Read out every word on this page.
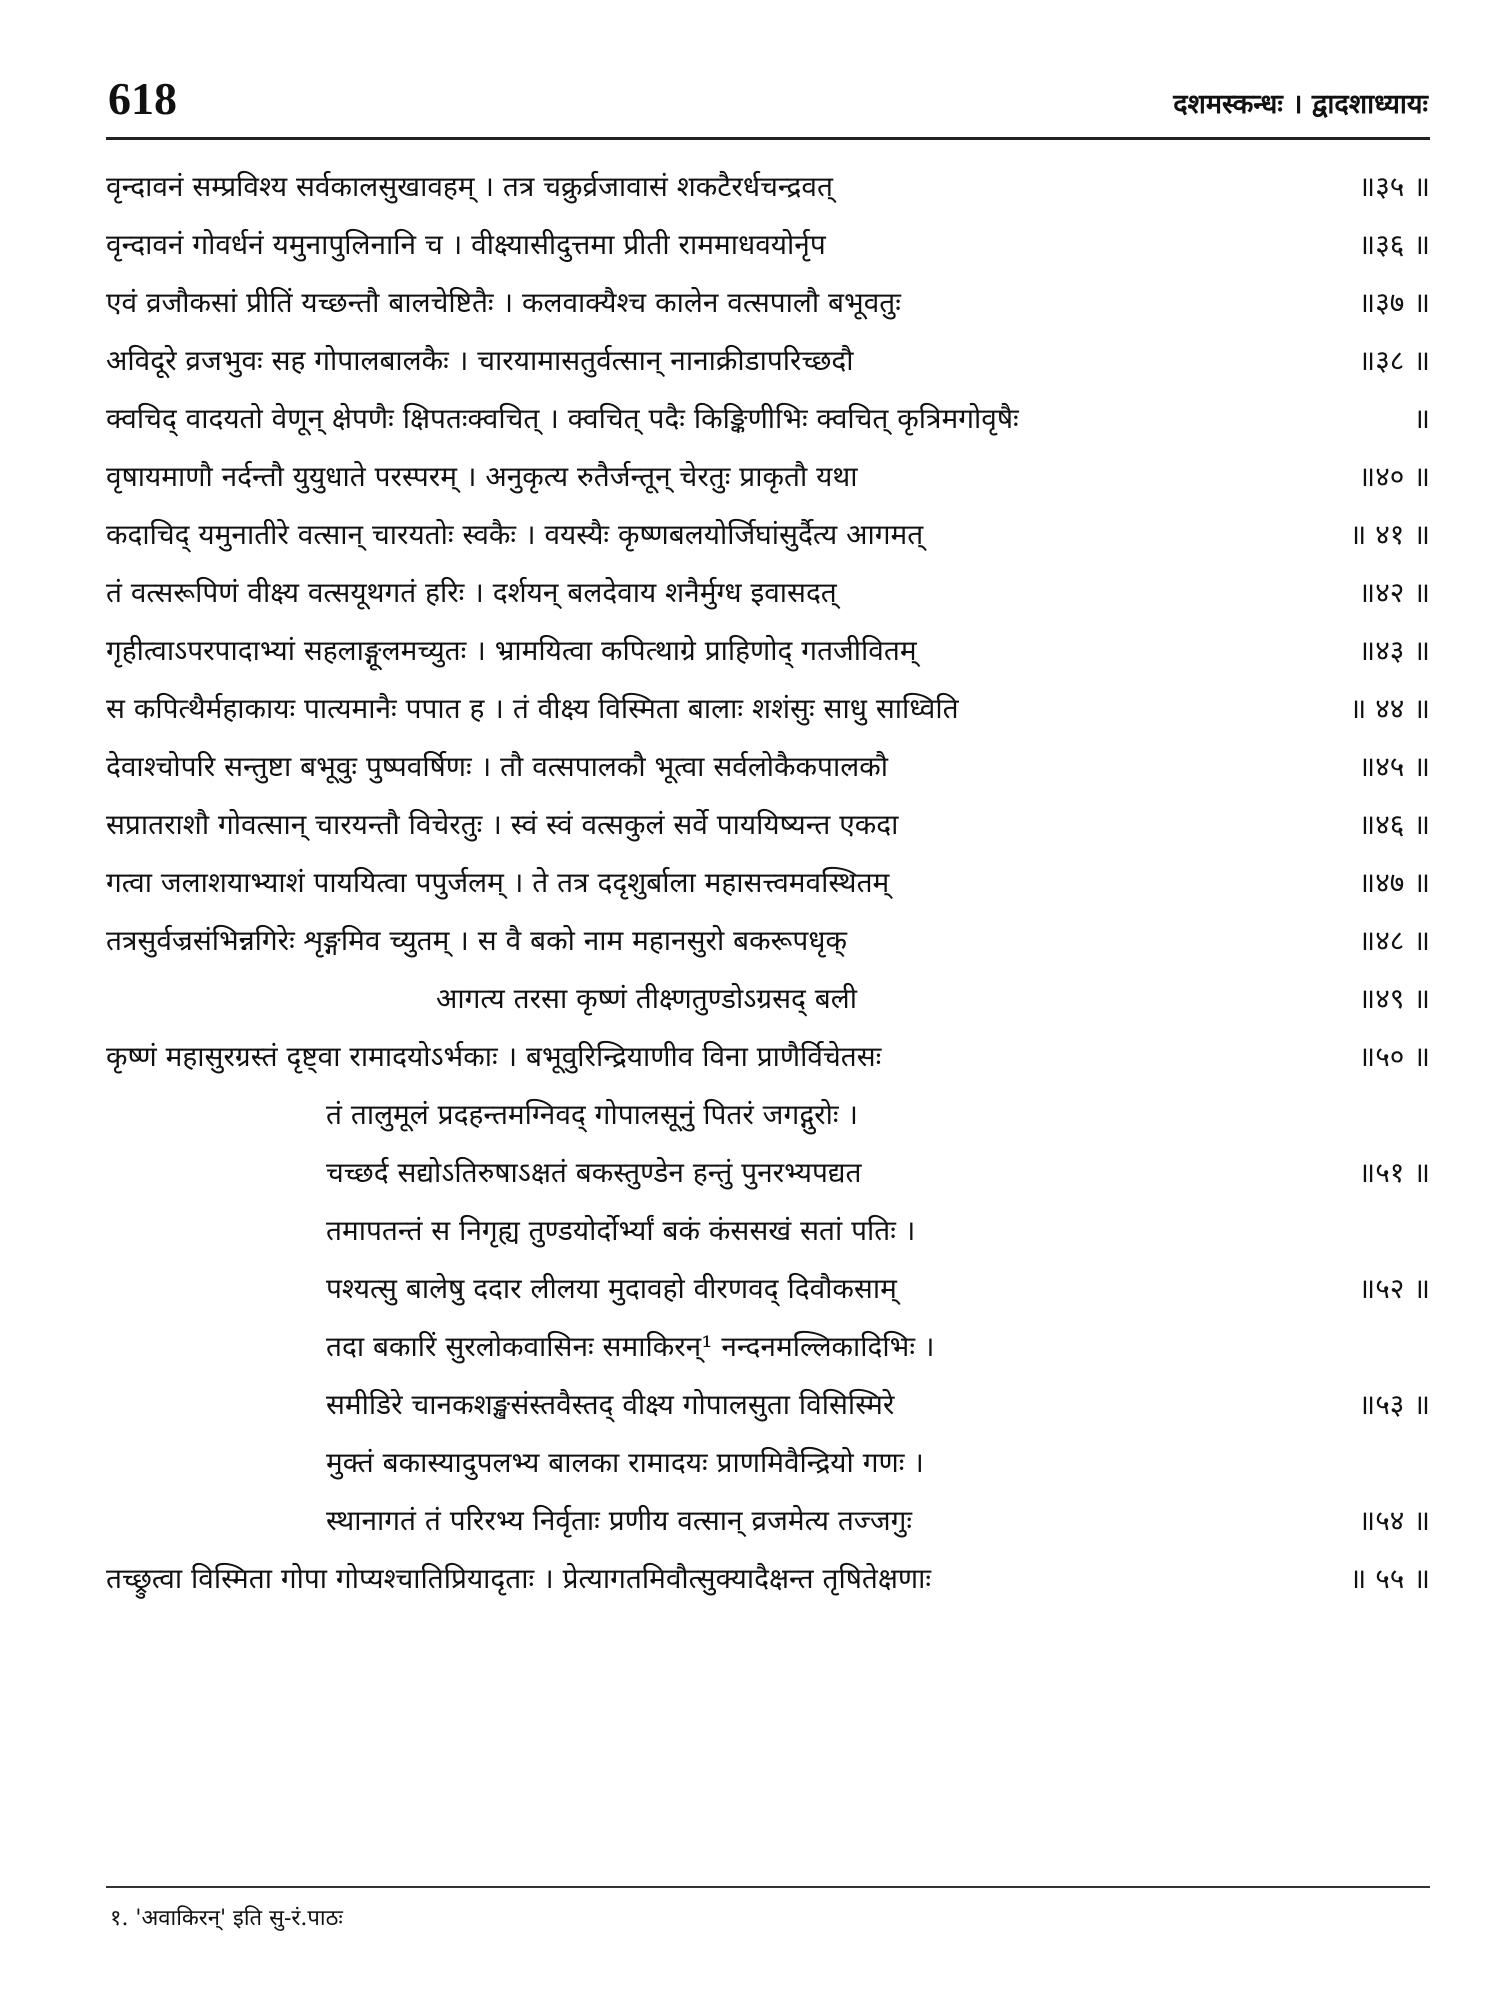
618	दशमस्कन्धः । द्वादशाध्यायः
वृन्दावनं सम्प्रविश्य सर्वकालसुखावहम् । तत्र चक्रुर्व्रजावासं शकटैरर्धचन्द्रवत्	॥३५ ॥
वृन्दावनं गोवर्धनं यमुनापुलिनानि च । वीक्ष्यासीदुत्तमा प्रीती राममाधवयोर्नृप	॥३६ ॥
एवं व्रजौकसां प्रीतिं यच्छन्तौ बालचेष्टितैः । कलवाक्यैश्च कालेन वत्सपालौ बभूवतुः	॥३७ ॥
अविदूरे व्रजभुवः सह गोपालबालकैः । चारयामासतुर्वत्सान् नानाक्रीडापरिच्छदौ	॥३८ ॥
क्वचिद् वादयतो वेणून् क्षेपणैः क्षिपतःक्वचित् । क्वचित् पदैः किङ्किणीभिः क्वचित् कृत्रिमगोवृषैः	॥
वृषायमाणौ नर्दन्तौ युयुधाते परस्परम् । अनुकृत्य रुतैर्जन्तून् चेरतुः प्राकृतौ यथा	॥४० ॥
कदाचिद् यमुनातीरे वत्सान् चारयतोः स्वकैः । वयस्यैः कृष्णबलयोर्जिघांसुर्दैत्य आगमत्	॥ ४१ ॥
तं वत्सरूपिणं वीक्ष्य वत्सयूथगतं हरिः । दर्शयन् बलदेवाय शनैर्मुग्ध इवासदत्	॥४२ ॥
गृहीत्वाऽपरपादाभ्यां सहलाङ्गूलमच्युतः । भ्रामयित्वा कपित्थाग्रे प्राहिणोद् गतजीवितम्	॥४३ ॥
स कपित्थैर्महाकायः पात्यमानैः पपात ह । तं वीक्ष्य विस्मिता बालाः शशंसुः साधु साध्विति	॥ ४४ ॥
देवाश्चोपरि सन्तुष्टा बभूवुः पुष्पवर्षिणः । तौ वत्सपालकौ भूत्वा सर्वलोकैकपालकौ	॥४५ ॥
सप्रातराशौ गोवत्सान् चारयन्तौ विचेरतुः । स्वं स्वं वत्सकुलं सर्वे पाययिष्यन्त एकदा	॥४६ ॥
गत्वा जलाशयाभ्याशं पाययित्वा पपुर्जलम् । ते तत्र ददृशुर्बाला महासत्त्वमवस्थितम्	॥४७ ॥
तत्रसुर्वज्रसंभिन्नगिरेः शृङ्गमिव च्युतम् । स वै बको नाम महानसुरो बकरूपधृक्	॥४८ ॥
आगत्य तरसा कृष्णं तीक्ष्णतुण्डोऽग्रसद् बली	॥४९ ॥
कृष्णं महासुरग्रस्तं दृष्ट्वा रामादयोऽर्भकाः । बभूवुरिन्द्रियाणीव विना प्राणैर्विचेतसः	॥५० ॥
तं तालुमूलं प्रदहन्तमग्निवद् गोपालसूनुं पितरं जगद्गुरोः ।
चच्छर्द सद्योऽतिरुषाऽक्षतं बकस्तुण्डेन हन्तुं पुनरभ्यपद्यत	॥५१ ॥
तमापतन्तं स निगृह्य तुण्डयोर्दोर्भ्यां बकं कंससखं सतां पतिः ।
पश्यत्सु बालेषु ददार लीलया मुदावहो वीरणवद् दिवौकसाम्	॥५२ ॥
तदा बकारिं सुरलोकवासिनः समाकिरन्¹ नन्दनमल्लिकादिभिः ।
समीडिरे चानकशङ्खसंस्तवैस्तद् वीक्ष्य गोपालसुता विसिस्मिरे	॥५३ ॥
मुक्तं बकास्यादुपलभ्य बालका रामादयः प्राणमिवैन्द्रियो गणः ।
स्थानागतं तं परिरभ्य निर्वृताः प्रणीय वत्सान् व्रजमेत्य तज्जगुः	॥५४ ॥
तच्छ्रुत्वा विस्मिता गोपा गोप्यश्चातिप्रियादृताः । प्रेत्यागतमिवौत्सुक्यादैक्षन्त तृषितेक्षणाः	॥ ५५ ॥
१. 'अवाकिरन्' इति सु-रं.पाठः
